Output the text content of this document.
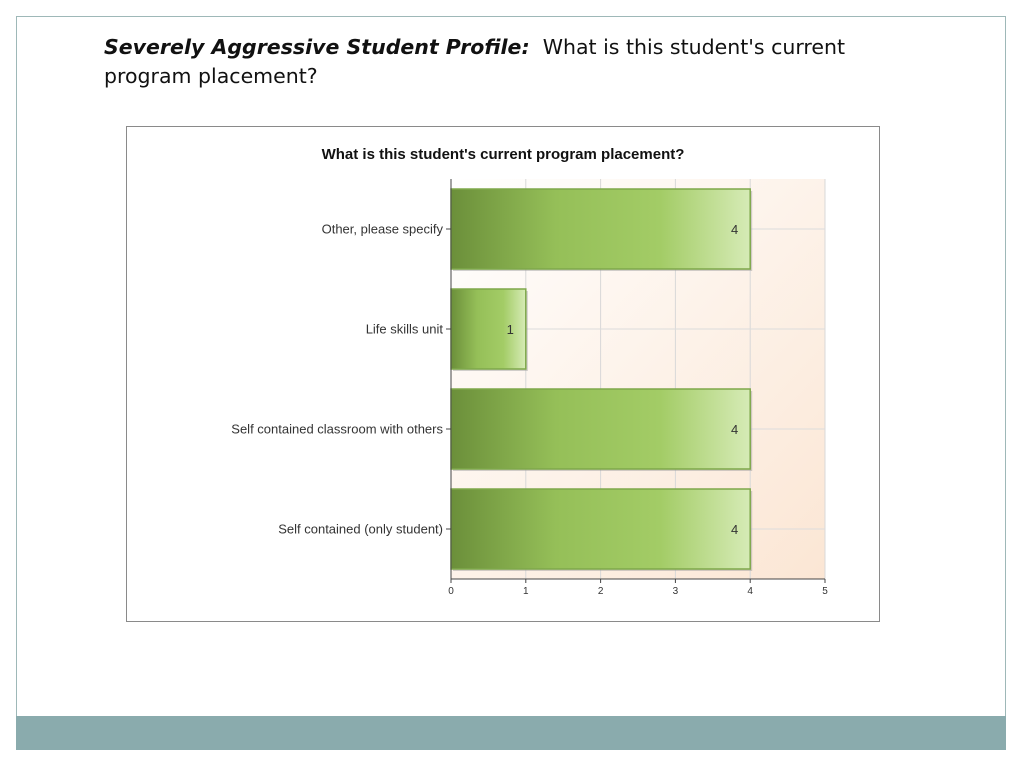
Severely Aggressive Student Profile: What is this student's current program placement?
What is this student's current program placement?
4
1
4
4
Other, please specify
Life skills unit
Self contained classroom with others
Self contained (only student)
0	1	2	3	4	5
